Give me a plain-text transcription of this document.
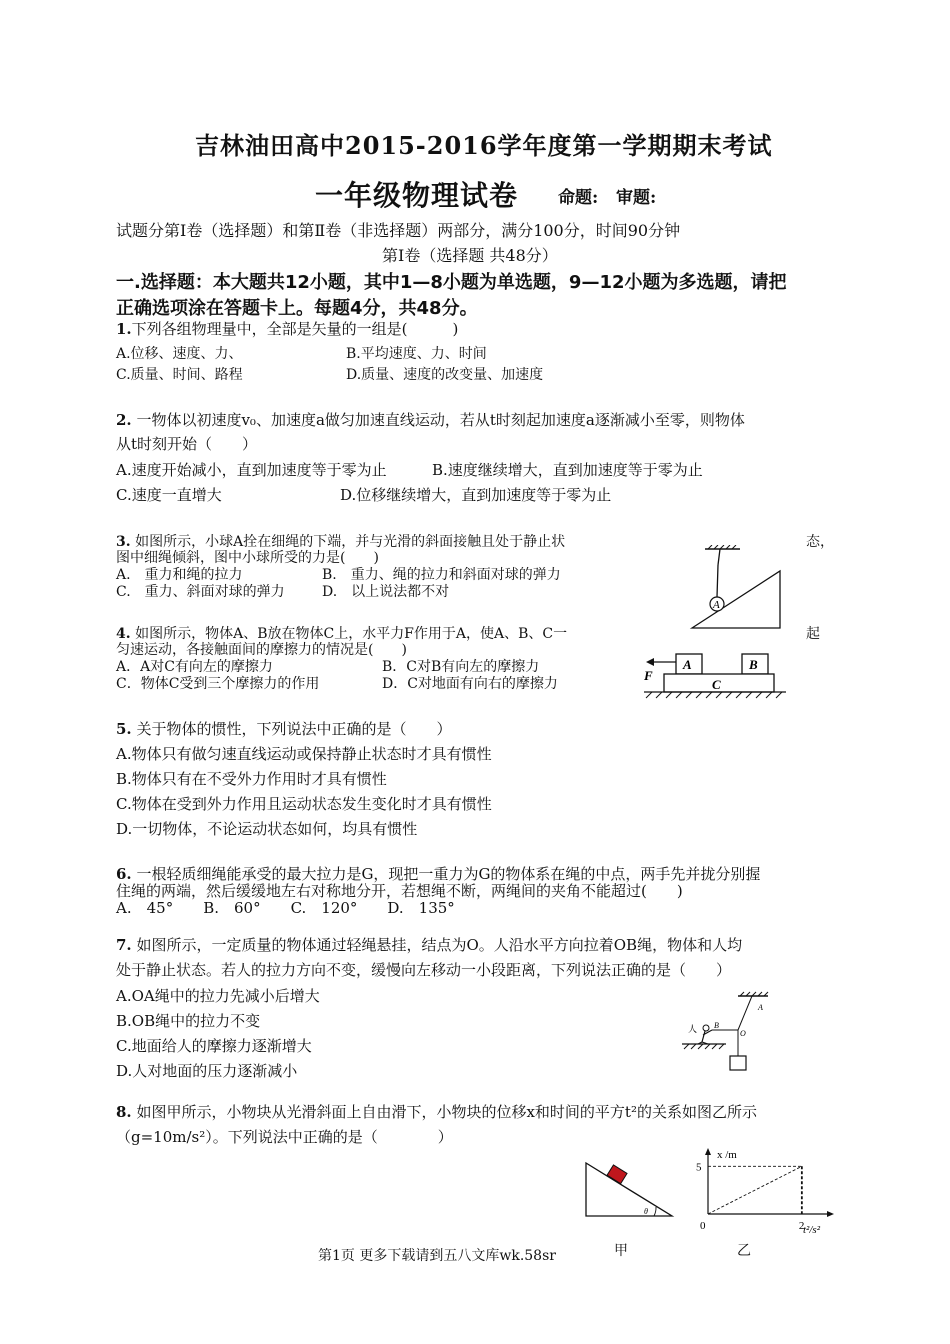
吉林油田高中2015-2016学年度第一学期期末考试
一年级物理试卷 命题:   审题:
试题分第Ⅰ卷（选择题）和第Ⅱ卷（非选择题）两部分，满分100分，时间90分钟
第Ⅰ卷（选择题 共48分）
一.选择题：本大题共12小题，其中1—8小题为单选题，9—12小题为多选题，请把
正确选项涂在答题卡上。每题4分，共48分。
1.下列各组物理量中，全部是矢量的一组是(　　　)
A.位移、速度、力、	B.平均速度、力、时间
C.质量、时间、路程	D.质量、速度的改变量、加速度
2. 一物体以初速度v₀、加速度a做匀加速直线运动，若从t时刻起加速度a逐渐减小至零，则物体
从t时刻开始（　　）
A.速度开始减小，直到加速度等于零为止	B.速度继续增大，直到加速度等于零为止
C.速度一直增大	D.位移继续增大，直到加速度等于零为止
3. 如图所示，小球A拴在细绳的下端，并与光滑的斜面接触且处于静止状	态，
图中细绳倾斜，图中小球所受的力是(　　)
A.　重力和绳的拉力	B.　重力、绳的拉力和斜面对球的弹力
C.　重力、斜面对球的弹力	D.　以上说法都不对
A
4. 如图所示，物体A、B放在物体C上，水平力F作用于A，使A、B、C一	起
匀速运动，各接触面间的摩擦力的情况是(　　)
A．A对C有向左的摩擦力	B．C对B有向左的摩擦力
C．物体C受到三个摩擦力的作用	D．C对地面有向右的摩擦力
A	B
C
F
5. 关于物体的惯性，下列说法中正确的是（　　）
A.物体只有做匀速直线运动或保持静止状态时才具有惯性
B.物体只有在不受外力作用时才具有惯性
C.物体在受到外力作用且运动状态发生变化时才具有惯性
D.一切物体，不论运动状态如何，均具有惯性
6. 一根轻质细绳能承受的最大拉力是G，现把一重力为G的物体系在绳的中点，两手先并拢分别握
住绳的两端，然后缓缓地左右对称地分开，若想绳不断，两绳间的夹角不能超过(　　)
A.　45°　　B.　60°　　C.　120°　　D.　135°
7. 如图所示，一定质量的物体通过轻绳悬挂，结点为O。人沿水平方向拉着OB绳，物体和人均
处于静止状态。若人的拉力方向不变，缓慢向左移动一小段距离，下列说法正确的是（　　）
A.OA绳中的拉力先减小后增大
B.OB绳中的拉力不变
C.地面给人的摩擦力逐渐增大
D.人对地面的压力逐渐减小
人 B
O
A
8. 如图甲所示，小物块从光滑斜面上自由滑下，小物块的位移x和时间的平方t²的关系如图乙所示
（g=10m/s²）。下列说法中正确的是（　　　　）
θ
x /m
t²/s²
0	2
5
第1页 更多下载请到五八文库wk.58sr	甲	乙
